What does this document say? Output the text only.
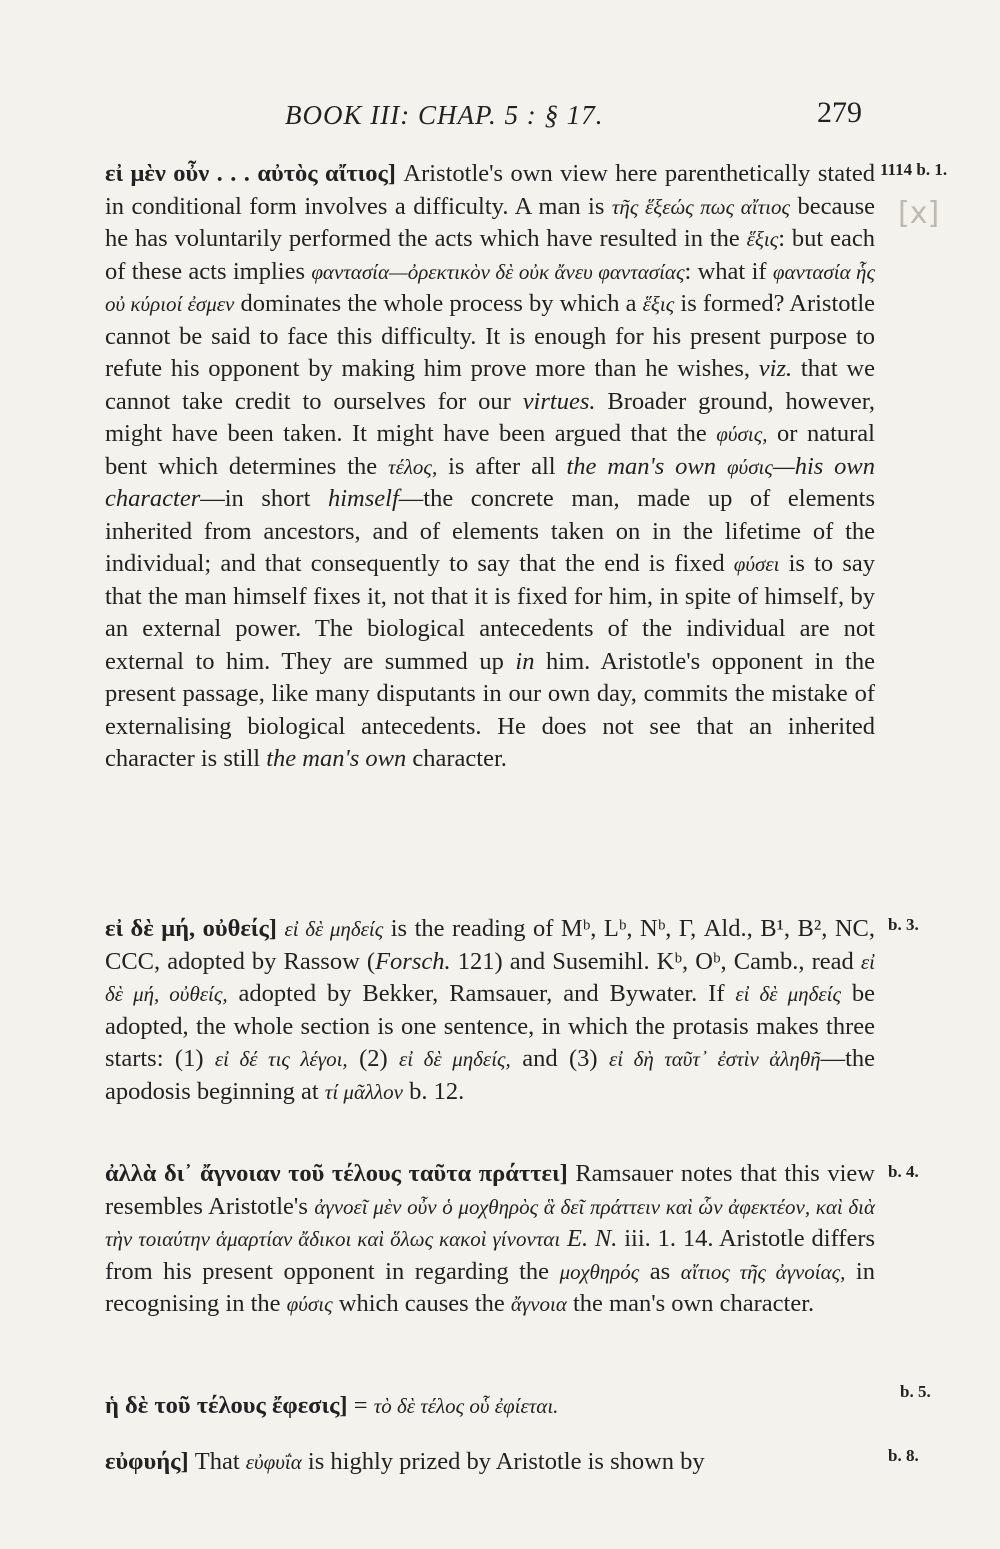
BOOK III: CHAP. 5 : § 17.	279
[x]
1114 b. 1.
εἰ μὲν οὖν . . . αὐτὸς αἴτιος] Aristotle's own view here parenthetically stated in conditional form involves a difficulty. A man is τῆς ἕξεώς πως αἴτιος because he has voluntarily performed the acts which have resulted in the ἕξις: but each of these acts implies φαντασία—ὀρεκτικὸν δὲ οὐκ ἄνευ φαντασίας: what if φαντασία ἧς οὐ κύριοί ἐσμεν dominates the whole process by which a ἕξις is formed? Aristotle cannot be said to face this difficulty. It is enough for his present purpose to refute his opponent by making him prove more than he wishes, viz. that we cannot take credit to ourselves for our virtues. Broader ground, however, might have been taken. It might have been argued that the φύσις, or natural bent which determines the τέλος, is after all the man's own φύσις—his own character—in short himself—the concrete man, made up of elements inherited from ancestors, and of elements taken on in the lifetime of the individual; and that consequently to say that the end is fixed φύσει is to say that the man himself fixes it, not that it is fixed for him, in spite of himself, by an external power. The biological antecedents of the individual are not external to him. They are summed up in him. Aristotle's opponent in the present passage, like many disputants in our own day, commits the mistake of externalising biological antecedents. He does not see that an inherited character is still the man's own character.
b. 3.
εἰ δὲ μή, οὐθείς] εἰ δὲ μηδείς is the reading of Mᵇ, Lᵇ, Nᵇ, Γ, Ald., B¹, B², NC, CCC, adopted by Rassow (Forsch. 121) and Susemihl. Kᵇ, Oᵇ, Camb., read εἰ δὲ μή, οὐθείς, adopted by Bekker, Ramsauer, and Bywater. If εἰ δὲ μηδείς be adopted, the whole section is one sentence, in which the protasis makes three starts: (1) εἰ δέ τις λέγοι, (2) εἰ δὲ μηδείς, and (3) εἰ δὴ ταῦτ᾽ ἐστὶν ἀληθῆ—the apodosis beginning at τί μᾶλλον b. 12.
b. 4.
ἀλλὰ δι᾽ ἄγνοιαν τοῦ τέλους ταῦτα πράττει] Ramsauer notes that this view resembles Aristotle's ἀγνοεῖ μὲν οὖν ὁ μοχθηρὸς ἃ δεῖ πράττειν καὶ ὧν ἀφεκτέον, καὶ διὰ τὴν τοιαύτην ἁμαρτίαν ἄδικοι καὶ ὅλως κακοὶ γίνονται E. N. iii. 1. 14. Aristotle differs from his present opponent in regarding the μοχθηρός as αἴτιος τῆς ἀγνοίας, in recognising in the φύσις which causes the ἄγνοια the man's own character.
b. 5.
ἡ δὲ τοῦ τέλους ἔφεσις] = τὸ δὲ τέλος οὗ ἐφίεται.
b. 8.
εὐφυής] That εὐφυΐα is highly prized by Aristotle is shown by
